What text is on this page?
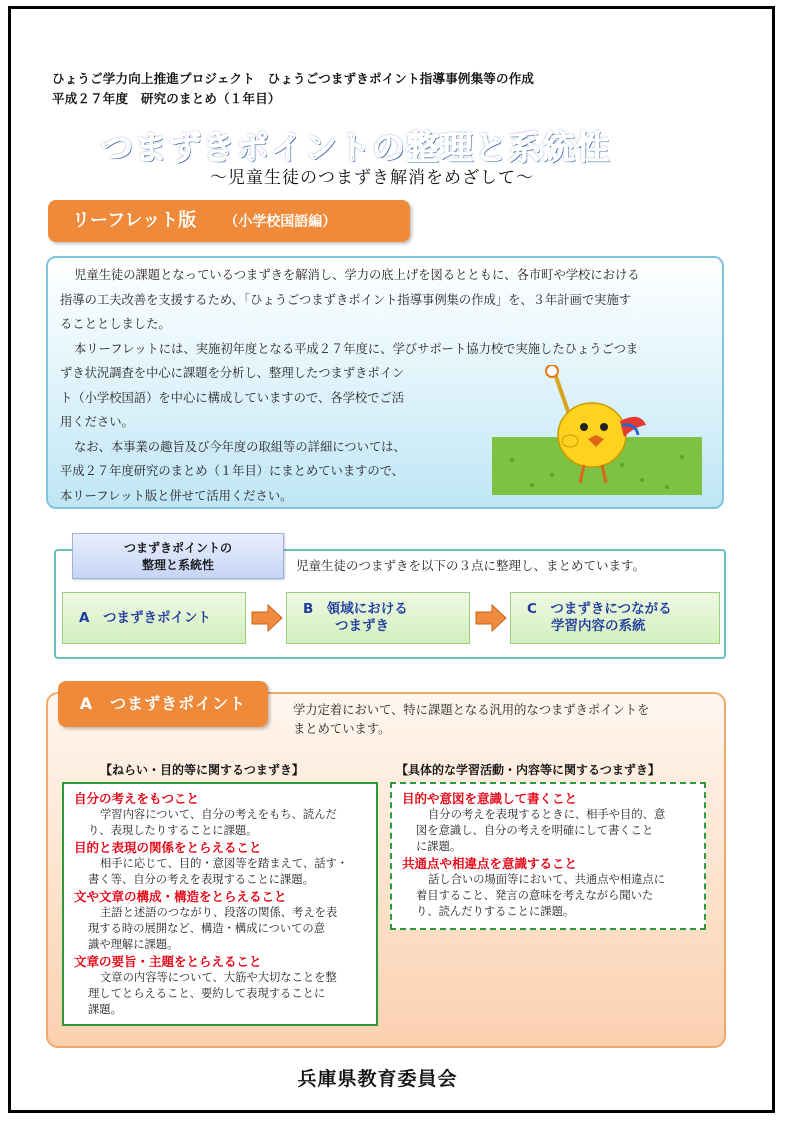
ひょうご学力向上推進プロジェクト　ひょうごつまずきポイント指導事例集等の作成
平成２７年度　研究のまとめ（１年目）
つまずきポイントの整理と系統性
～児童生徒のつまずき解消をめざして～
リーフレット版 （小学校国語編）
児童生徒の課題となっているつまずきを解消し、学力の底上げを図るとともに、各市町や学校における
指導の工夫改善を支援するため、「ひょうごつまずきポイント指導事例集の作成」を、３年計画で実施す
ることとしました。
本リーフレットには、実施初年度となる平成２７年度に、学びサポート協力校で実施したひょうごつま
ずき状況調査を中心に課題を分析し、整理したつまずきポイン
ト（小学校国語）を中心に構成していますので、各学校でご活
用ください。
なお、本事業の趣旨及び今年度の取組等の詳細については、
平成２７年度研究のまとめ（１年目）にまとめていますので、
本リーフレット版と併せて活用ください。
つまずきポイントの
整理と系統性	児童生徒のつまずきを以下の３点に整理し、まとめています。
A　つまずきポイント
B　領域における
つまずき
C　つまずきにつながる
学習内容の系統
A　つまずきポイント	学力定着において、特に課題となる汎用的なつまずきポイントを
まとめています。
【ねらい・目的等に関するつまずき】	【具体的な学習活動・内容等に関するつまずき】
自分の考えをもつこと
学習内容について、自分の考えをもち、読んだ
り、表現したりすることに課題。
目的と表現の関係をとらえること
相手に応じて、目的・意図等を踏まえて、話す・
書く等、自分の考えを表現することに課題。
文や文章の構成・構造をとらえること
主語と述語のつながり、段落の関係、考えを表
現する時の展開など、構造・構成についての意
識や理解に課題。
文章の要旨・主題をとらえること
文章の内容等について、大筋や大切なことを整
理してとらえること、要約して表現することに
課題。
目的や意図を意識して書くこと
自分の考えを表現するときに、相手や目的、意
図を意識し、自分の考えを明確にして書くこと
に課題。
共通点や相違点を意識すること
話し合いの場面等において、共通点や相違点に
着目すること、発言の意味を考えながら聞いた
り、読んだりすることに課題。
兵庫県教育委員会
